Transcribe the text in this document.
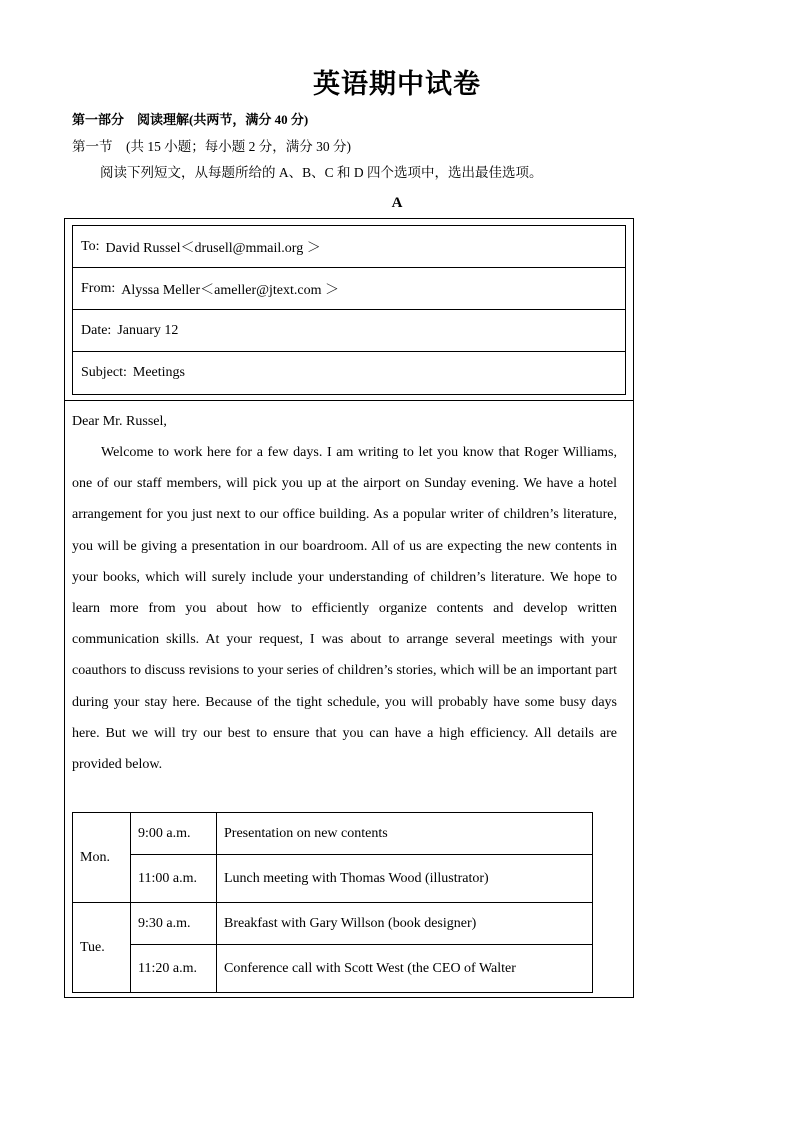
英语期中试卷
第一部分　阅读理解(共两节，满分 40 分)
第一节　(共 15 小题；每小题 2 分，满分 30 分)
阅读下列短文，从每题所给的 A、B、C 和 D 四个选项中，选出最佳选项。
A
To: David Russel＜drusell@mmail.org ＞
From: Alyssa Meller＜ameller@jtext.com ＞
Date: January 12
Subject: Meetings
Dear Mr. Russel,

Welcome to work here for a few days. I am writing to let you know that Roger Williams, one of our staff members, will pick you up at the airport on Sunday evening. We have a hotel arrangement for you just next to our office building. As a popular writer of children’s literature, you will be giving a presentation in our boardroom. All of us are expecting the new contents in your books, which will surely include your understanding of children’s literature. We hope to learn more from you about how to efficiently organize contents and develop written communication skills. At your request, I was about to arrange several meetings with your coauthors to discuss revisions to your series of children’s stories, which will be an important part during your stay here. Because of the tight schedule, you will probably have some busy days here. But we will try our best to ensure that you can have a high efficiency. All details are provided below.

Mon.	9:00 a.m.	Presentation on new contents
	11:00 a.m.	Lunch meeting with Thomas Wood (illustrator)
Tue.	9:30 a.m.	Breakfast with Gary Willson (book designer)
	11:20 a.m.	Conference call with Scott West (the CEO of Walter
